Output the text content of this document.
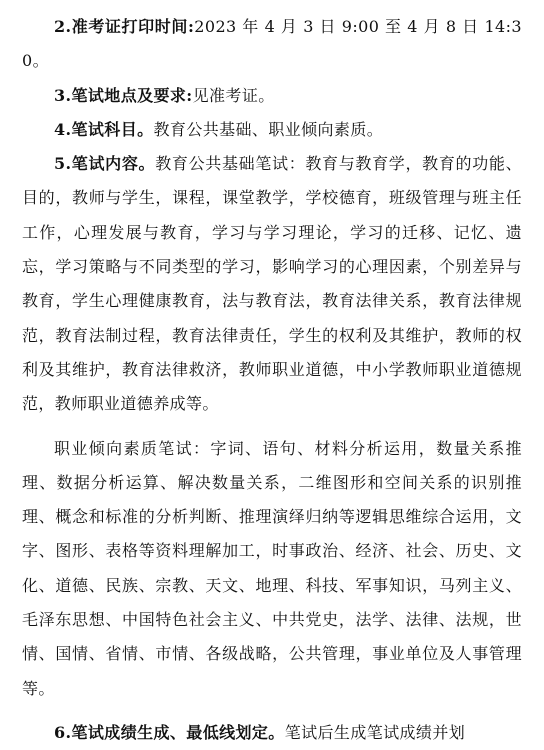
2.准考证打印时间:2023 年 4 月 3 日 9:00 至 4 月 8 日 14:30。

3.笔试地点及要求:见准考证。

4.笔试科目。教育公共基础、职业倾向素质。

5.笔试内容。教育公共基础笔试：教育与教育学，教育的功能、目的，教师与学生，课程，课堂教学，学校德育，班级管理与班主任工作，心理发展与教育，学习与学习理论，学习的迁移、记忆、遗忘，学习策略与不同类型的学习，影响学习的心理因素，个别差异与教育，学生心理健康教育，法与教育法，教育法律关系，教育法律规范，教育法制过程，教育法律责任，学生的权利及其维护，教师的权利及其维护，教育法律救济，教师职业道德，中小学教师职业道德规范，教师职业道德养成等。

职业倾向素质笔试：字词、语句、材料分析运用，数量关系推理、数据分析运算、解决数量关系，二维图形和空间关系的识别推理、概念和标准的分析判断、推理演绎归纳等逻辑思维综合运用，文字、图形、表格等资料理解加工，时事政治、经济、社会、历史、文化、道德、民族、宗教、天文、地理、科技、军事知识，马列主义、毛泽东思想、中国特色社会主义、中共党史，法学、法律、法规，世情、国情、省情、市情、各级战略，公共管理，事业单位及人事管理等。

6.笔试成绩生成、最低线划定。笔试后生成笔试成绩并划
